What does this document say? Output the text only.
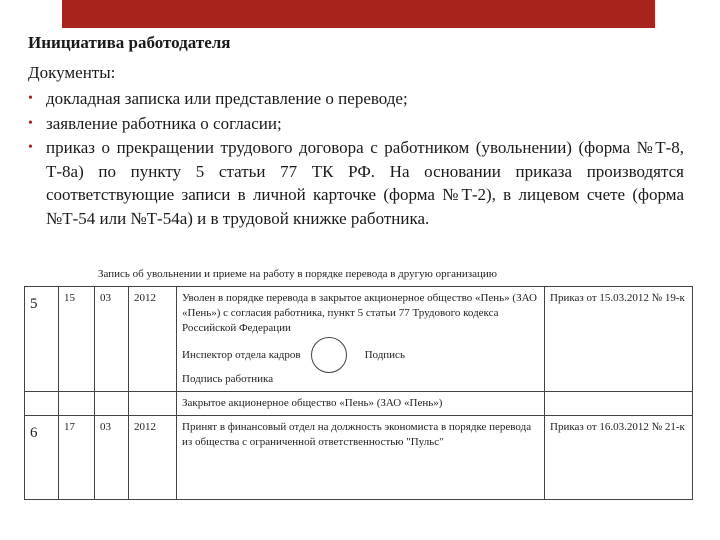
Инициатива работодателя
Документы:
• докладная записка или представление о переводе;
• заявление работника о согласии;
• приказ о прекращении трудового договора с работником (увольнении) (форма №Т-8, Т-8а) по пункту 5 статьи 77 ТК РФ. На основании приказа производятся соответствующие записи в личной карточке (форма №Т-2), в лицевом счете (форма №Т-54 или №Т-54а) и в трудовой книжке работника.
Запись об увольнении и приеме на работу в порядке перевода в другую организацию
5	15	03	2012	Уволен в порядке перевода в закрытое акционерное общество «Пень» (ЗАО «Пень») с согласия работника, пункт 5 статьи 77 Трудового кодекса Российской Федерации
Инспектор отдела кадров Подпись
Подпись работника	Приказ от 15.03.2012 № 19-к
				Закрытое акционерное общество «Пень» (ЗАО «Пень»)	
6	17	03	2012	Принят в финансовый отдел на должность экономиста в порядке перевода из общества с ограниченной ответственностью "Пульс"	Приказ от 16.03.2012 № 21-к
